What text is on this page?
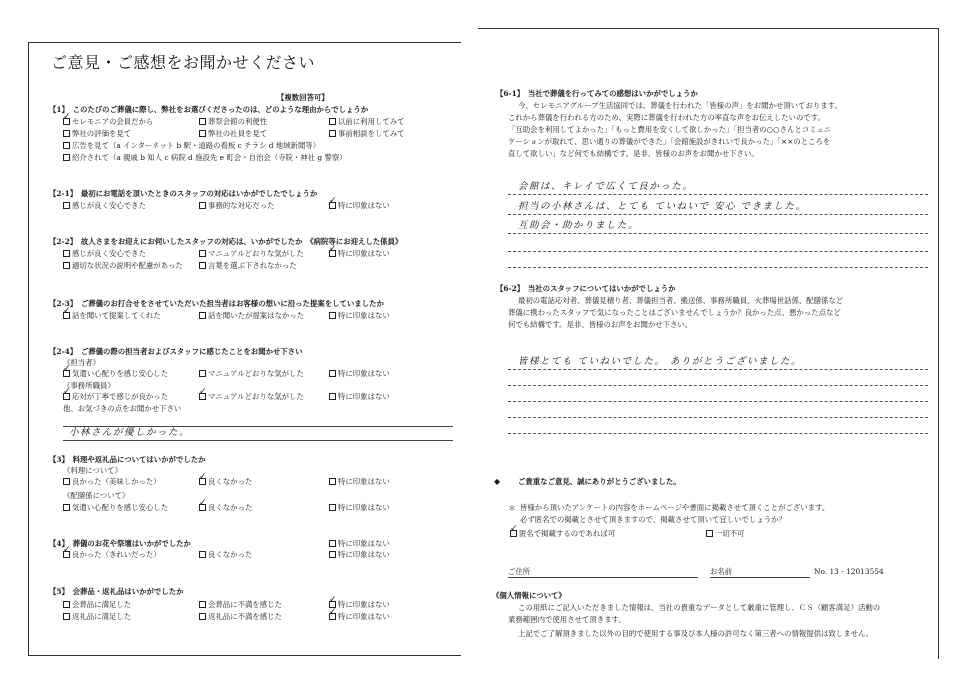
ご意見・ご感想をお聞かせください
【複数回答可】
【1】　このたびのご葬儀に際し、弊社をお選びくださったのは、どのような理由からでしょうか
✓セレモニアの会員だから	葬祭会館の利便性	以前に利用してみて
弊社の評価を見て	弊社の社員を見て	事前相談をしてみて
広告を見て（a インターネット b 駅・道路の看板 c チラシ d 地域新聞等）
紹介されて（a 親戚 b 知人 c 病院 d 施設先 e 町会・自治会（寺院・神社 g 警察）
【2-1】　最初にお電話を頂いたときのスタッフの対応はいかがでしたでしょうか
感じが良く安心できた	事務的な対応だった ✓	特に印象はない
【2-2】　故人さまをお迎えにお伺いしたスタッフの対応は、いかがでしたか　《病院等にお迎えした係員》
感じが良く安心できた	マニュアルどおりな気がした ✓	特に印象はない
適切な状況の説明や配慮があった	言葉を選ぶ下されなかった
【2-3】　ご葬儀のお打合せをさせていただいた担当者はお客様の想いに沿った提案をしていましたか
✓話を聞いて提案してくれた	話を聞いたが提案はなかった	特に印象はない
【2-4】　ご葬儀の際の担当者およびスタッフに感じたことをお聞かせ下さい
《担当者》
✓気遣い心配りを感じ安心した	マニュアルどおりな気がした	特に印象はない
《事務所職員》
✓応対が丁寧で感じが良かった ✓	マニュアルどおりな気がした	特に印象はない
他、お気づきの点をお聞かせ下さい
小林さんが優しかった。
【3】　料理や返礼品についてはいかがでしたか
《料理について》
良かった（美味しかった） ✓	良くなかった	特に印象はない
《配膳係について》
気遣い心配りを感じ安心した ✓	良くなかった	特に印象はない
【4】　葬儀のお花や祭壇はいかがでしたか	特に印象はない
✓良かった（きれいだった）	良くなかった	特に印象はない
【5】　会葬品・返礼品はいかがでしたか
会葬品に満足した	会葬品に不満を感じた ✓	特に印象はない
返礼品に満足した	返礼品に不満を感じた ✓	特に印象はない
【6-1】　当社で葬儀を行ってみての感想はいかがでしょうか
今、セレモニアグループ生活協同では、葬儀を行われた「皆様の声」をお聞かせ頂いております。
これから葬儀を行われる方のため、実際に葬儀を行われた方の率直な声をお伝えしたいのです。
「互助会を利用してよかった」「もっと費用を安くして欲しかった」「担当者の○○さんとコミュニ
ケーションが取れて、思い通りの葬儀ができた」「会館施設がきれいで良かった」「××のところを
直して欲しい」など何でも結構です。是非、皆様のお声をお聞かせ下さい。
会館は、キレイで広くて良かった。
担当の小林さんは、とても ていねいで 安心 できました。
互助会・助かりました。
【6-2】　当社のスタッフについてはいかがでしょうか
最初の電話応対者、葬儀見積り者、葬儀担当者、搬送係、事務所職員、火葬場世話係、配膳係など
葬儀に携わったスタッフで気になったことはございませんでしょうか？良かった点、悪かった点など
何でも結構です。是非、皆様のお声をお聞かせ下さい。
皆様とても ていねいでした。 ありがとうございました。
◆ ご貴重なご意見、誠にありがとうございました。
＊ 皆様から頂いたアンケートの内容をホームページや書面に掲載させて頂くことがございます。
必ず匿名での掲載とさせて頂きますので、掲載させて頂いて宜しいでしょうか？
✓匿名で掲載するのであれば可	一切不可
ご住所	お名前	No. 13 - 12013554
《個人情報について》
この用紙にご記入いただきました情報は、当社の貴重なデータとして厳重に管理し、ＣＳ（顧客満足）活動の
業務範囲内で使用させて頂きます。
上記でご了解頂きました以外の目的で使用する事及び本人様の許可なく第三者への情報提供は致しません。
